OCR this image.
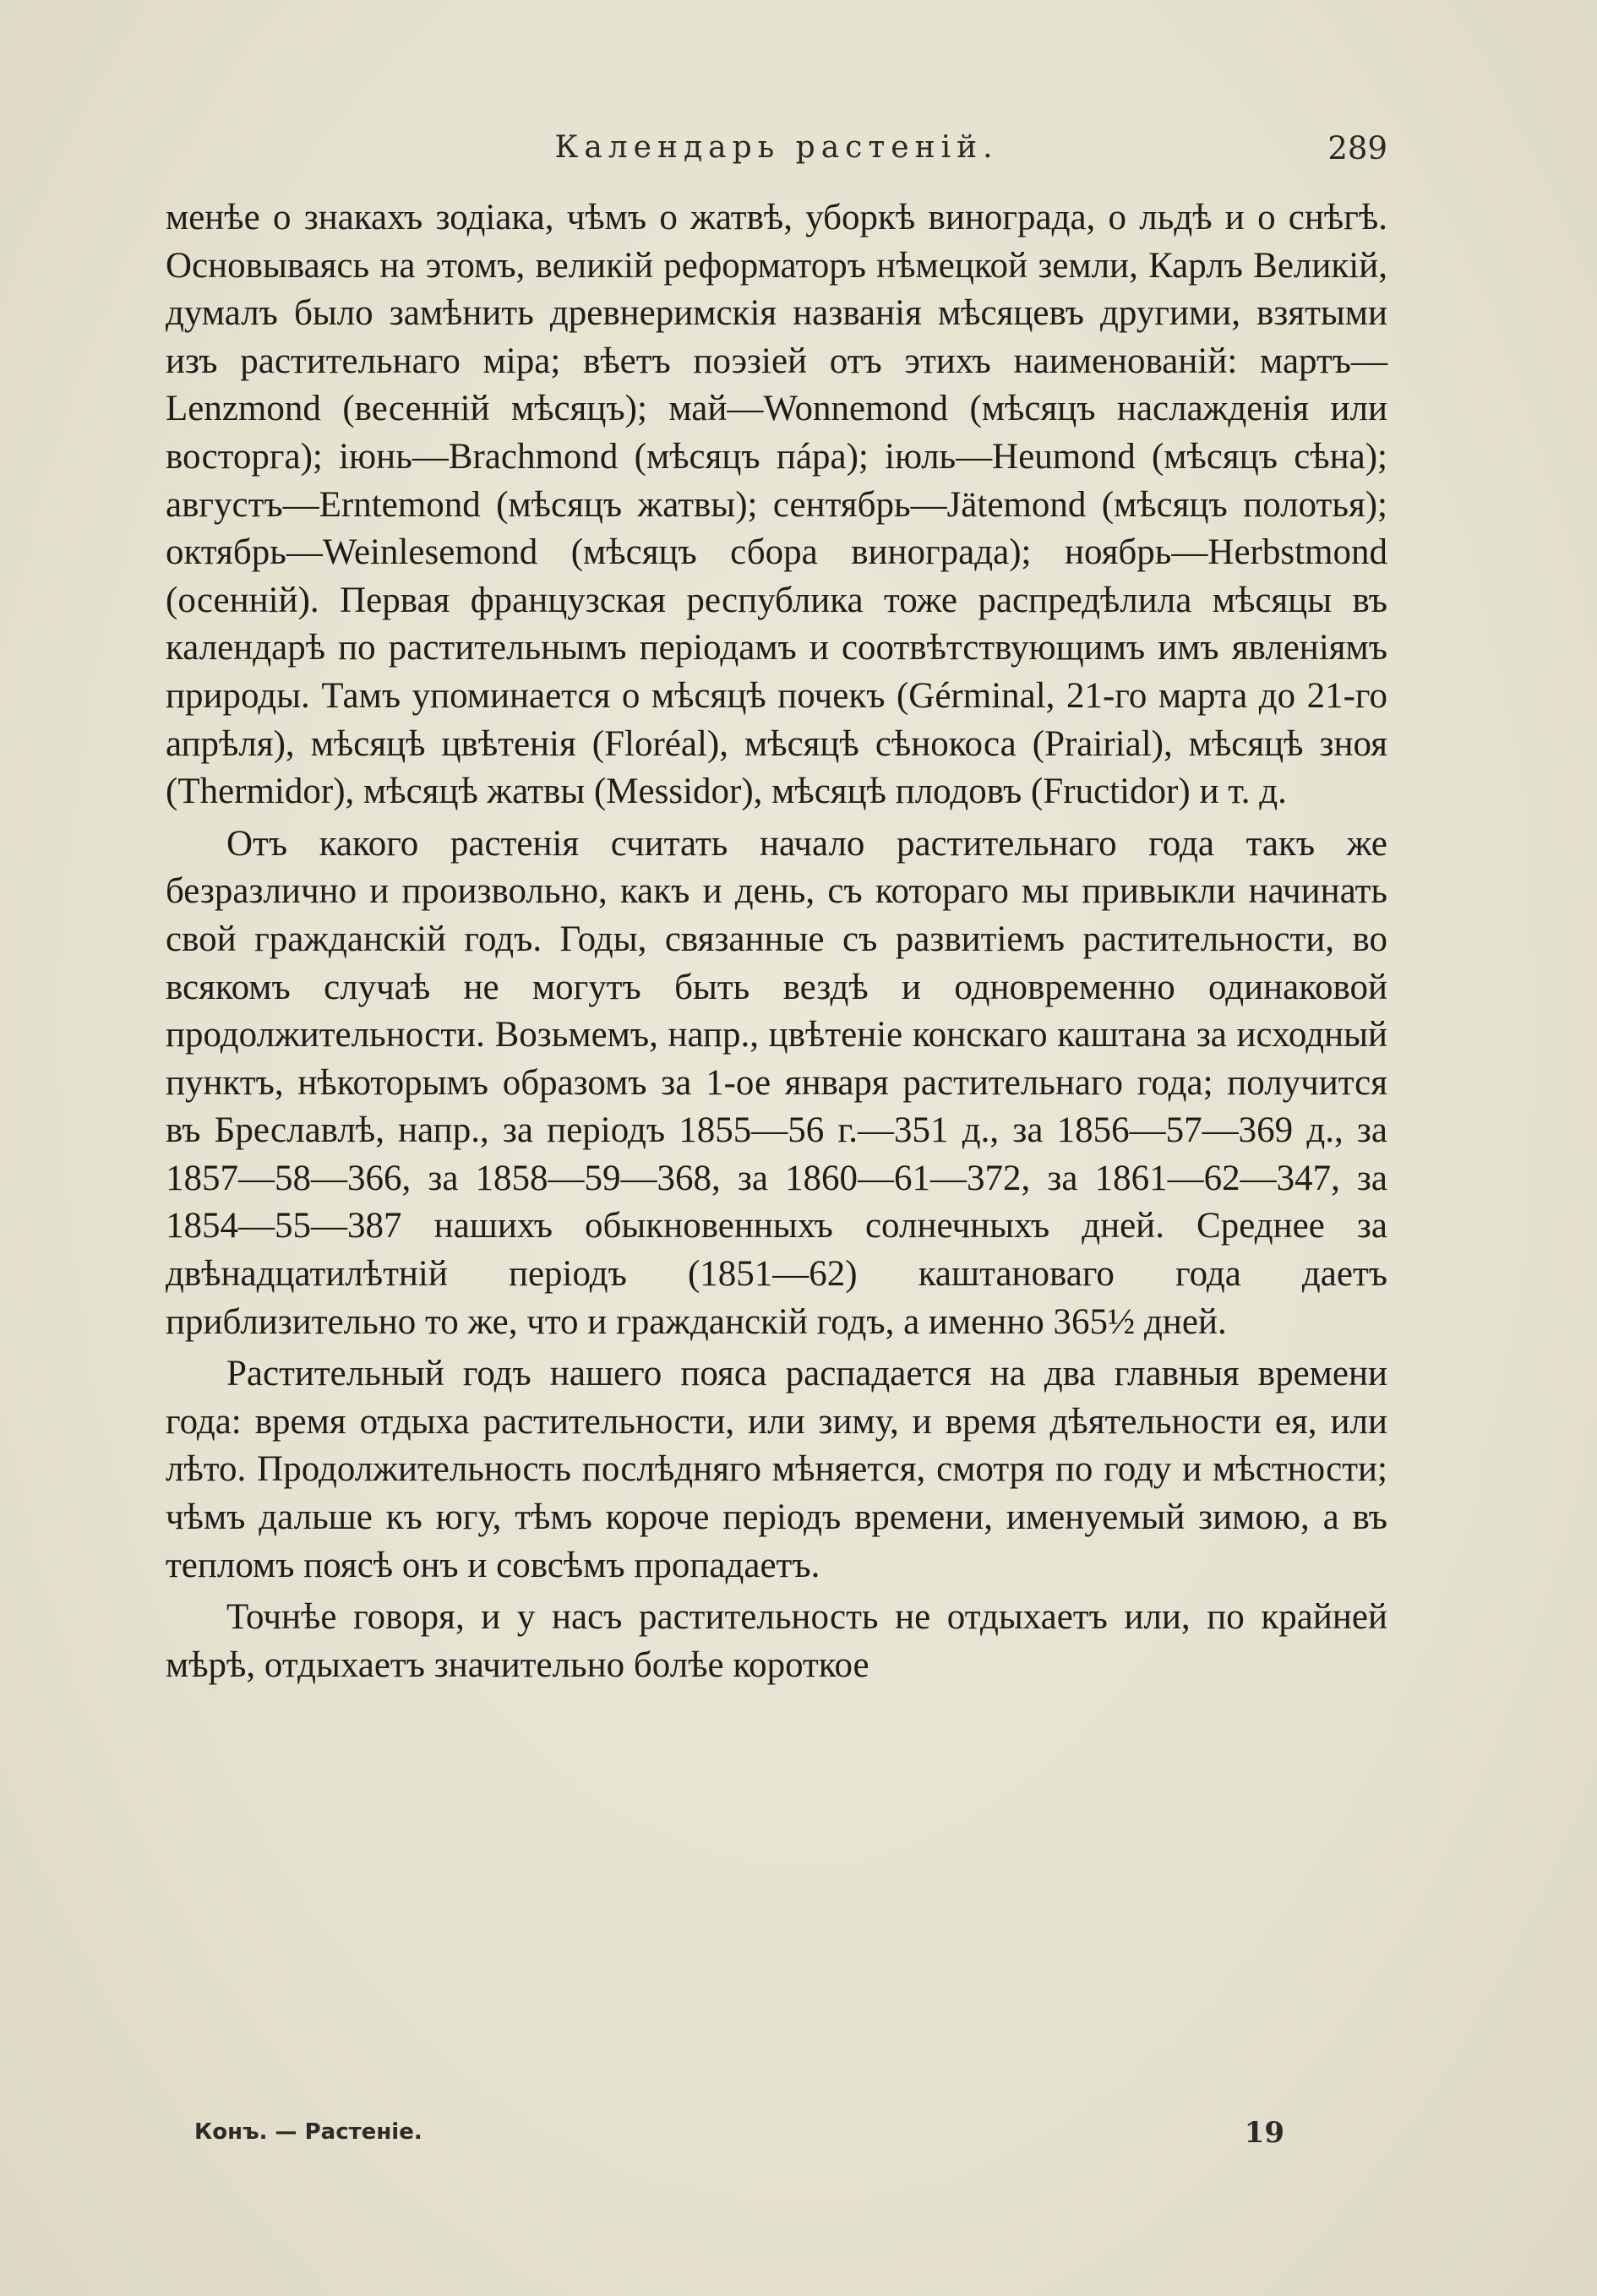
Календарь растеній.	289

менѣе о знакахъ зодіака, чѣмъ о жатвѣ, уборкѣ винограда, о льдѣ и о снѣгѣ. Основываясь на этомъ, великій реформаторъ нѣмецкой земли, Карлъ Великій, думалъ было замѣнить древнеримскія названія мѣсяцевъ другими, взятыми изъ растительнаго міра; вѣетъ поэзіей отъ этихъ наименованій: мартъ—Lenzmond (весенній мѣсяцъ); май—Wonnemond (мѣсяцъ наслажденія или восторга); іюнь—Brachmond (мѣсяцъ пáра); іюль—Heumond (мѣсяцъ сѣна); августъ—Erntemond (мѣсяцъ жатвы); сентябрь—Jätemond (мѣсяцъ полотья); октябрь—Weinlesemond (мѣсяцъ сбора винограда); ноябрь—Herbstmond (осенній). Первая французская республика тоже распредѣлила мѣсяцы въ календарѣ по растительнымъ періодамъ и соотвѣтствующимъ имъ явленіямъ природы. Тамъ упоминается о мѣсяцѣ почекъ (Gérminal, 21-го марта до 21-го апрѣля), мѣсяцѣ цвѣтенія (Floréal), мѣсяцѣ сѣнокоса (Prairial), мѣсяцѣ зноя (Thermidor), мѣсяцѣ жатвы (Messidor), мѣсяцѣ плодовъ (Fructidor) и т. д.

Отъ какого растенія считать начало растительнаго года такъ же безразлично и произвольно, какъ и день, съ котораго мы привыкли начинать свой гражданскій годъ. Годы, связанные съ развитіемъ растительности, во всякомъ случаѣ не могутъ быть вездѣ и одновременно одинаковой продолжительности. Возьмемъ, напр., цвѣтеніе конскаго каштана за исходный пунктъ, нѣкоторымъ образомъ за 1-ое января растительнаго года; получится въ Бреславлѣ, напр., за періодъ 1855—56 г.—351 д., за 1856—57—369 д., за 1857—58—366, за 1858—59—368, за 1860—61—372, за 1861—62—347, за 1854—55—387 нашихъ обыкновенныхъ солнечныхъ дней. Среднее за двѣнадцатилѣтній періодъ (1851—62) каштановаго года даетъ приблизительно то же, что и гражданскій годъ, а именно 365½ дней.

Растительный годъ нашего пояса распадается на два главныя времени года: время отдыха растительности, или зиму, и время дѣятельности ея, или лѣто. Продолжительность послѣдняго мѣняется, смотря по году и мѣстности; чѣмъ дальше къ югу, тѣмъ короче періодъ времени, именуемый зимою, а въ тепломъ поясѣ онъ и совсѣмъ пропадаетъ.

Точнѣе говоря, и у насъ растительность не отдыхаетъ или, по крайней мѣрѣ, отдыхаетъ значительно болѣе короткое

Конъ. — Растеніе.	19
